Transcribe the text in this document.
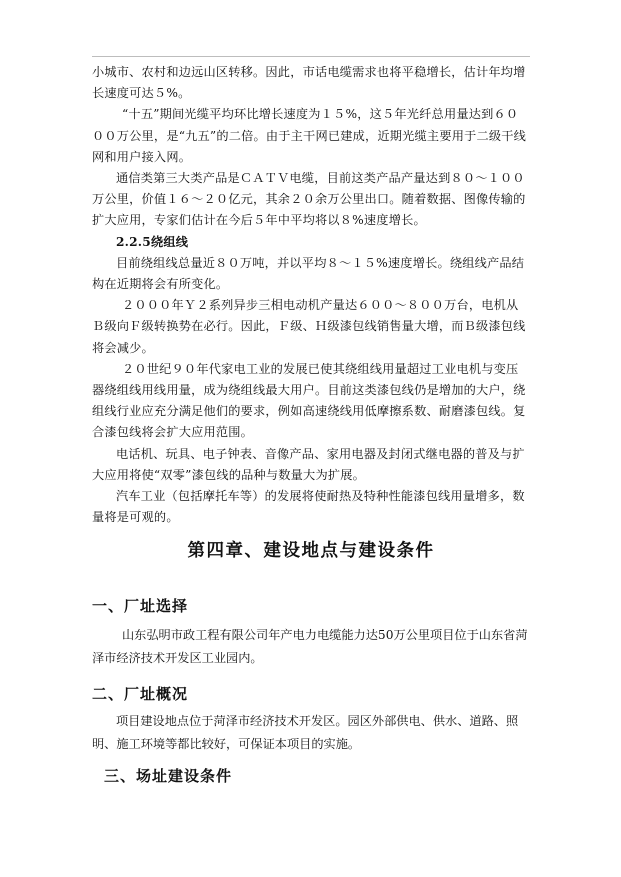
小城市、农村和边远山区转移。因此，市话电缆需求也将平稳增长，估计年均增长速度可达５%。

“十五”期间光缆平均环比增长速度为１５%，这５年光纤总用量达到６０００万公里，是“九五”的二倍。由于主干网已建成，近期光缆主要用于二级干线网和用户接入网。

通信类第三大类产品是ＣＡＴＶ电缆，目前这类产品产量达到８０～１００万公里，价值１６～２０亿元，其余２０余万公里出口。随着数据、图像传输的扩大应用，专家们估计在今后５年中平均将以８%速度增长。

2.2.5绕组线

目前绕组线总量近８０万吨，并以平均８～１５%速度增长。绕组线产品结构在近期将会有所变化。

２０００年Ｙ２系列异步三相电动机产量达６００～８００万台，电机从Ｂ级向Ｆ级转换势在必行。因此，Ｆ级、Ｈ级漆包线销售量大增，而Ｂ级漆包线将会减少。

２０世纪９０年代家电工业的发展已使其绕组线用量超过工业电机与变压器绕组线用线用量，成为绕组线最大用户。目前这类漆包线仍是增加的大户，绕组线行业应充分满足他们的要求，例如高速绕线用低摩擦系数、耐磨漆包线。复合漆包线将会扩大应用范围。

电话机、玩具、电子钟表、音像产品、家用电器及封闭式继电器的普及与扩大应用将使“双零”漆包线的品种与数量大为扩展。

汽车工业（包括摩托车等）的发展将使耐热及特种性能漆包线用量增多，数量将是可观的。

第四章、建设地点与建设条件
一、厂址选择

山东弘明市政工程有限公司年产电力电缆能力达50万公里项目位于山东省菏泽市经济技术开发区工业园内。

二、厂址概况

项目建设地点位于菏泽市经济技术开发区。园区外部供电、供水、道路、照明、施工环境等都比较好，可保证本项目的实施。

三、场址建设条件
